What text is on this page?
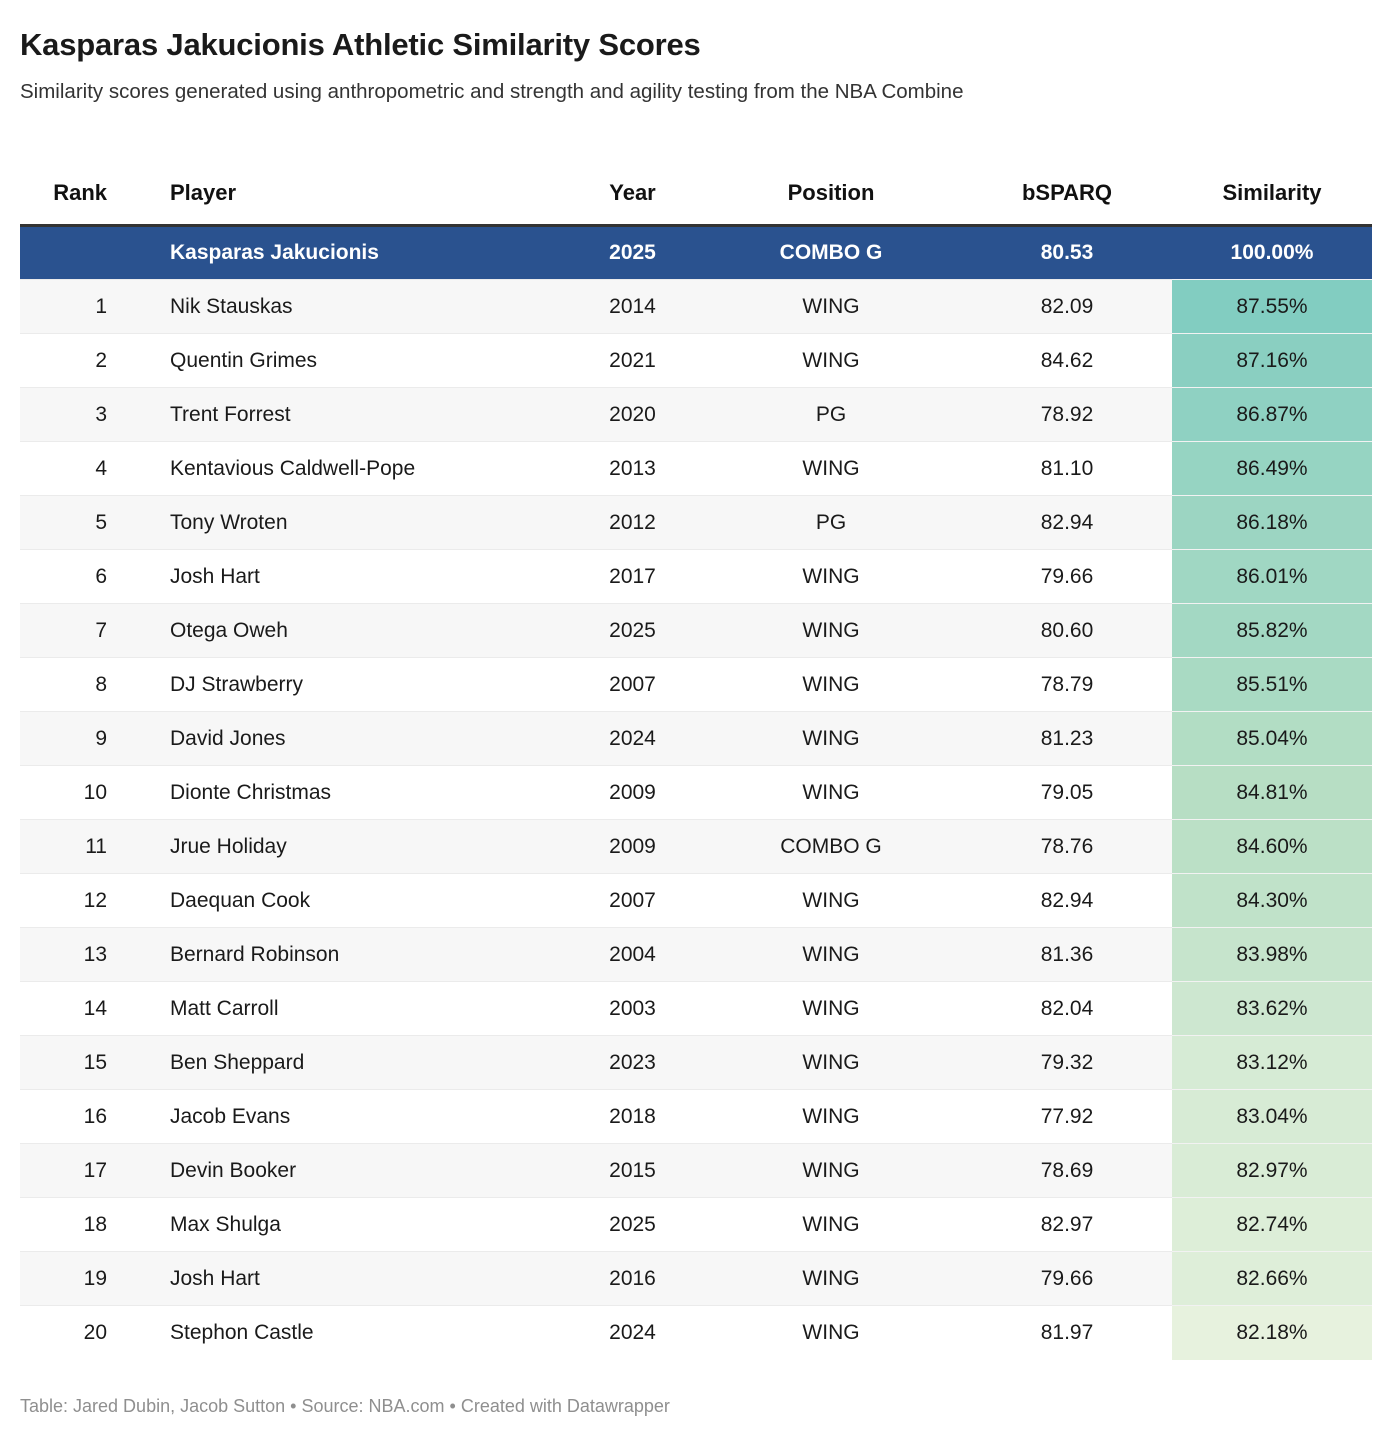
Kasparas Jakucionis Athletic Similarity Scores

Similarity scores generated using anthropometric and strength and agility testing from the NBA Combine

Rank	Player	Year	Position	bSPARQ	Similarity
	Kasparas Jakucionis	2025	COMBO G	80.53	100.00%
1	Nik Stauskas	2014	WING	82.09	87.55%
2	Quentin Grimes	2021	WING	84.62	87.16%
3	Trent Forrest	2020	PG	78.92	86.87%
4	Kentavious Caldwell-Pope	2013	WING	81.10	86.49%
5	Tony Wroten	2012	PG	82.94	86.18%
6	Josh Hart	2017	WING	79.66	86.01%
7	Otega Oweh	2025	WING	80.60	85.82%
8	DJ Strawberry	2007	WING	78.79	85.51%
9	David Jones	2024	WING	81.23	85.04%
10	Dionte Christmas	2009	WING	79.05	84.81%
11	Jrue Holiday	2009	COMBO G	78.76	84.60%
12	Daequan Cook	2007	WING	82.94	84.30%
13	Bernard Robinson	2004	WING	81.36	83.98%
14	Matt Carroll	2003	WING	82.04	83.62%
15	Ben Sheppard	2023	WING	79.32	83.12%
16	Jacob Evans	2018	WING	77.92	83.04%
17	Devin Booker	2015	WING	78.69	82.97%
18	Max Shulga	2025	WING	82.97	82.74%
19	Josh Hart	2016	WING	79.66	82.66%
20	Stephon Castle	2024	WING	81.97	82.18%

Table: Jared Dubin, Jacob Sutton • Source: NBA.com • Created with Datawrapper
